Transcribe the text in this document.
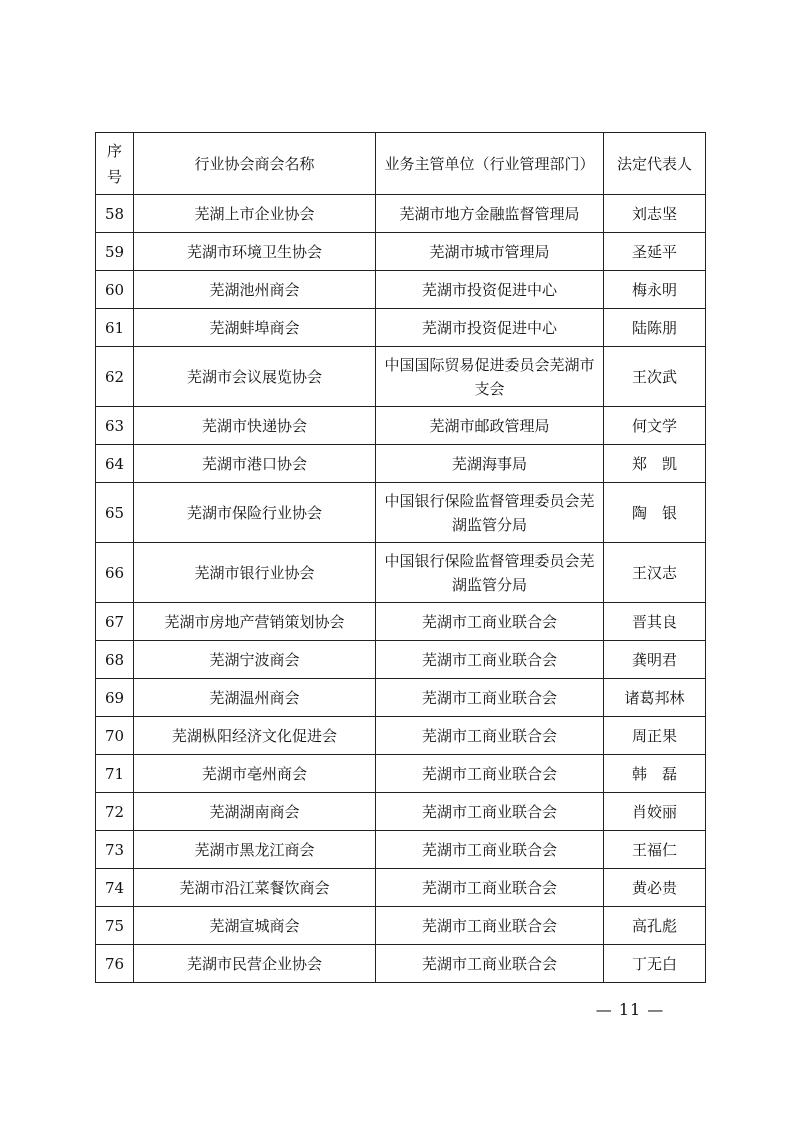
序
号	行业协会商会名称	业务主管单位（行业管理部门）	法定代表人
58	芜湖上市企业协会	芜湖市地方金融监督管理局	刘志坚
59	芜湖市环境卫生协会	芜湖市城市管理局	圣延平
60	芜湖池州商会	芜湖市投资促进中心	梅永明
61	芜湖蚌埠商会	芜湖市投资促进中心	陆陈朋
62	芜湖市会议展览协会	中国国际贸易促进委员会芜湖市支会	王次武
63	芜湖市快递协会	芜湖市邮政管理局	何文学
64	芜湖市港口协会	芜湖海事局	郑　凯
65	芜湖市保险行业协会	中国银行保险监督管理委员会芜湖监管分局	陶　银
66	芜湖市银行业协会	中国银行保险监督管理委员会芜湖监管分局	王汉志
67	芜湖市房地产营销策划协会	芜湖市工商业联合会	晋其良
68	芜湖宁波商会	芜湖市工商业联合会	龚明君
69	芜湖温州商会	芜湖市工商业联合会	诸葛邦林
70	芜湖枞阳经济文化促进会	芜湖市工商业联合会	周正果
71	芜湖市亳州商会	芜湖市工商业联合会	韩　磊
72	芜湖湖南商会	芜湖市工商业联合会	肖姣丽
73	芜湖市黑龙江商会	芜湖市工商业联合会	王福仁
74	芜湖市沿江菜餐饮商会	芜湖市工商业联合会	黄必贵
75	芜湖宣城商会	芜湖市工商业联合会	高孔彪
76	芜湖市民营企业协会	芜湖市工商业联合会	丁无白
— 11 —
